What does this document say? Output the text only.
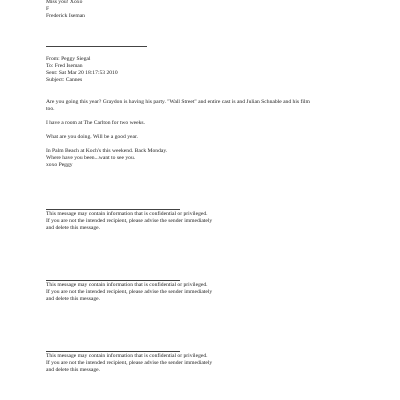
Miss you! Xoxo
F
Frederick Iseman
From: Peggy Siegal
To: Fred Iseman
Sent: Sat Mar 20 18:17:53 2010
Subject: Cannes
Are you going this year? Graydon is having his party. "Wall Street" and entire cast is and Julian Schnable and his film
too.
I have a room at The Carlton for two weeks.
What are you doing. Will be a good year.
In Palm Beach at Koch's this weekend. Back Monday.
Where have you been...want to see you.
xoxo Peggy
This message may contain information that is confidential or privileged.
If you are not the intended recipient, please advise the sender immediately
and delete this message.
This message may contain information that is confidential or privileged.
If you are not the intended recipient, please advise the sender immediately
and delete this message.
This message may contain information that is confidential or privileged.
If you are not the intended recipient, please advise the sender immediately
and delete this message.
